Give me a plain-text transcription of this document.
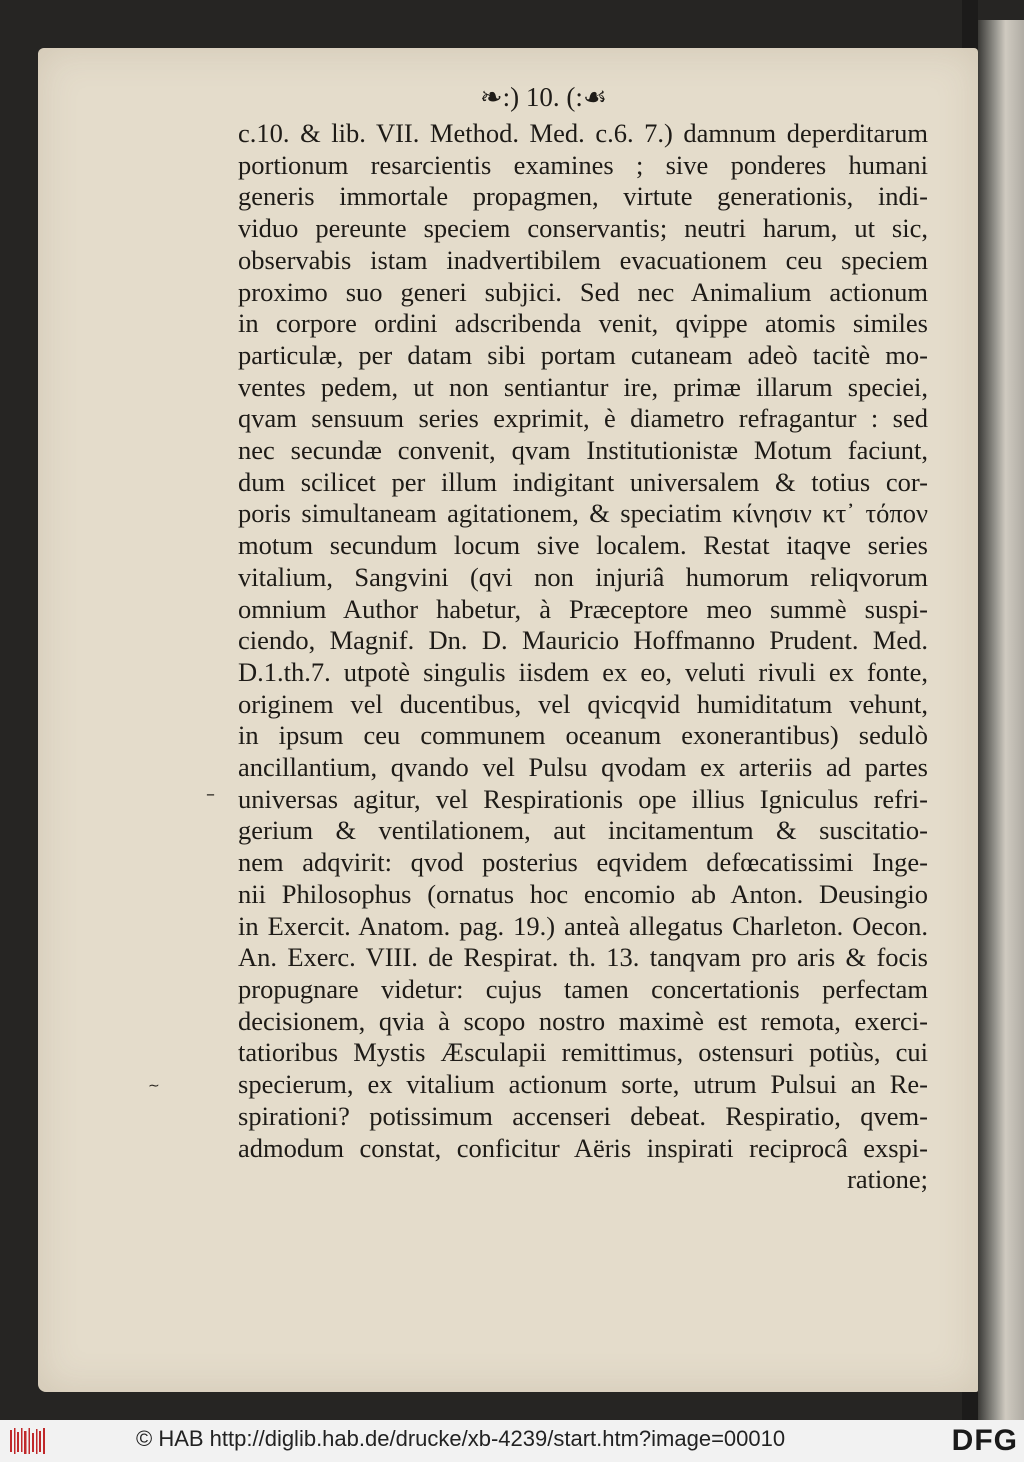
❧:) 10. (:☙
c.10. & lib. VII. Method. Med. c.6. 7.) damnum deperditarum
portionum resarcientis examines ; sive ponderes humani
generis immortale propagmen, virtute generationis, indi-
viduo pereunte speciem conservantis; neutri harum, ut sic,
observabis istam inadvertibilem evacuationem ceu speciem
proximo suo generi subjici. Sed nec Animalium actionum
in corpore ordini adscribenda venit, qvippe atomis similes
particulæ, per datam sibi portam cutaneam adeò tacitè mo-
ventes pedem, ut non sentiantur ire, primæ illarum speciei,
qvam sensuum series exprimit, è diametro refragantur : sed
nec secundæ convenit, qvam Institutionistæ Motum faciunt,
dum scilicet per illum indigitant universalem & totius cor-
poris simultaneam agitationem, & speciatim κίνησιν κτ᾽ τόπον
motum secundum locum sive localem. Restat itaqve series
vitalium, Sangvini (qvi non injuriâ humorum reliqvorum
omnium Author habetur, à Præceptore meo summè suspi-
ciendo, Magnif. Dn. D. Mauricio Hoffmanno Prudent. Med.
D.1.th.7. utpotè singulis iisdem ex eo, veluti rivuli ex fonte,
originem vel ducentibus, vel qvicqvid humiditatum vehunt,
in ipsum ceu communem oceanum exonerantibus) sedulò
ancillantium, qvando vel Pulsu qvodam ex arteriis ad partes
universas agitur, vel Respirationis ope illius Igniculus refri-
gerium & ventilationem, aut incitamentum & suscitatio-
nem adqvirit: qvod posterius eqvidem defœcatissimi Inge-
nii Philosophus (ornatus hoc encomio ab Anton. Deusingio
in Exercit. Anatom. pag. 19.) anteà allegatus Charleton. Oecon.
An. Exerc. VIII. de Respirat. th. 13. tanqvam pro aris & focis
propugnare videtur: cujus tamen concertationis perfectam
decisionem, qvia à scopo nostro maximè est remota, exerci-
tatioribus Mystis Æsculapii remittimus, ostensuri potiùs, cui
specierum, ex vitalium actionum sorte, utrum Pulsui an Re-
spirationi? potissimum accenseri debeat. Respiratio, qvem-
admodum constat, conficitur Aëris inspirati reciprocâ exspi-
ratione;
–
∼
© HAB http://diglib.hab.de/drucke/xb-4239/start.htm?image=00010	DFG
